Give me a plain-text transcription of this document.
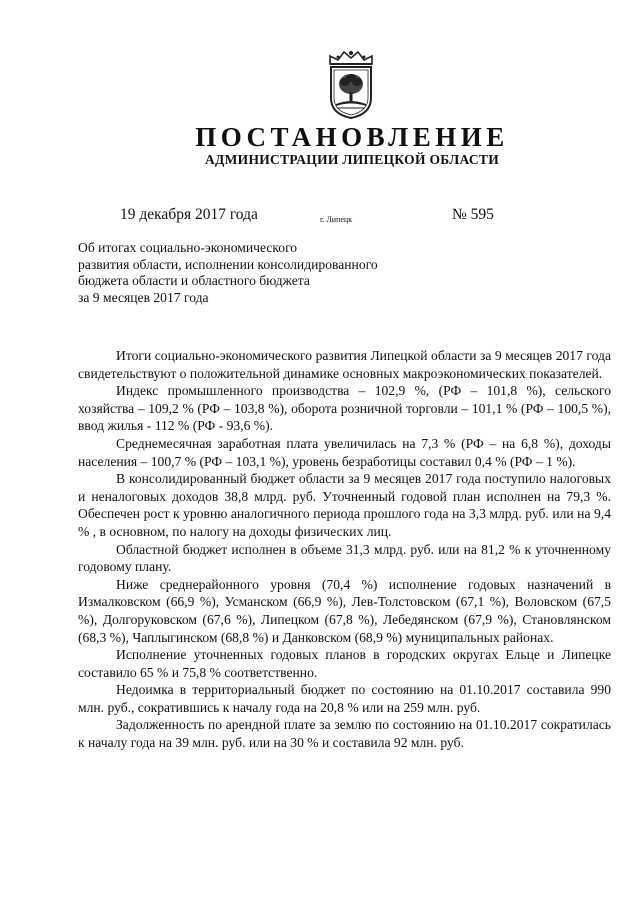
ПОСТАНОВЛЕНИЕ
АДМИНИСТРАЦИИ ЛИПЕЦКОЙ ОБЛАСТИ
19 декабря 2017 года	г. Липецк	№ 595
Об итогах социально-экономического
развития области, исполнении консолидированного
бюджета области и областного бюджета
за 9 месяцев 2017 года

Итоги социально-экономического развития Липецкой области за 9 месяцев 2017 года свидетельствуют о положительной динамике основных макроэкономических показателей.

Индекс промышленного производства – 102,9 %, (РФ – 101,8 %), сельского хозяйства – 109,2 % (РФ – 103,8 %), оборота розничной торговли – 101,1 % (РФ – 100,5 %), ввод жилья - 112 % (РФ - 93,6 %).

Среднемесячная заработная плата увеличилась на 7,3 % (РФ – на 6,8 %), доходы населения – 100,7 % (РФ – 103,1 %), уровень безработицы составил 0,4 % (РФ – 1 %).

В консолидированный бюджет области за 9 месяцев 2017 года поступило налоговых и неналоговых доходов 38,8 млрд. руб. Уточненный годовой план исполнен на 79,3 %. Обеспечен рост к уровню аналогичного периода прошлого года на 3,3 млрд. руб. или на 9,4 % , в основном, по налогу на доходы физических лиц.

Областной бюджет исполнен в объеме 31,3 млрд. руб. или на 81,2 % к уточненному годовому плану.

Ниже среднерайонного уровня (70,4 %) исполнение годовых назначений в Измалковском (66,9 %), Усманском (66,9 %), Лев-Толстовском (67,1 %), Воловском (67,5 %), Долгоруковском (67,6 %), Липецком (67,8 %), Лебедянском (67,9 %), Становлянском (68,3 %), Чаплыгинском (68,8 %) и Данковском (68,9 %) муниципальных районах.

Исполнение уточненных годовых планов в городских округах Ельце и Липецке составило 65 % и 75,8 % соответственно.

Недоимка в территориальный бюджет по состоянию на 01.10.2017 составила 990 млн. руб., сократившись к началу года на 20,8 % или на 259 млн. руб.

Задолженность по арендной плате за землю по состоянию на 01.10.2017 сократилась к началу года на 39 млн. руб. или на 30 % и составила 92 млн. руб.
